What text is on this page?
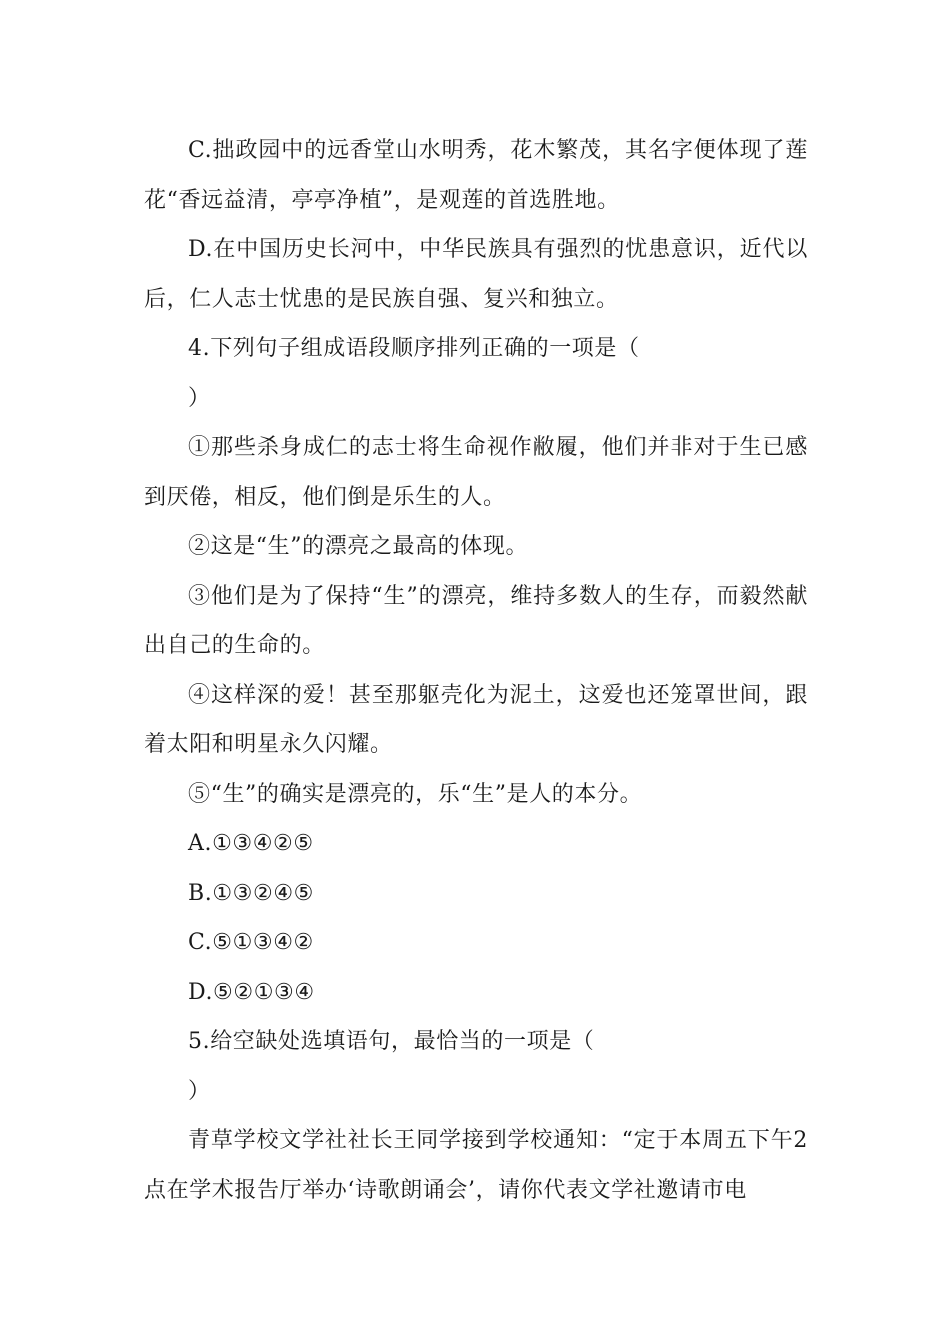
C.拙政园中的远香堂山水明秀，花木繁茂，其名字便体现了莲花“香远益清，亭亭净植”，是观莲的首选胜地。

D.在中国历史长河中，中华民族具有强烈的忧患意识，近代以后，仁人志士忧患的是民族自强、复兴和独立。

4.下列句子组成语段顺序排列正确的一项是（

）

①那些杀身成仁的志士将生命视作敝履，他们并非对于生已感到厌倦，相反，他们倒是乐生的人。

②这是“生”的漂亮之最高的体现。

③他们是为了保持“生”的漂亮，维持多数人的生存，而毅然献出自己的生命的。

④这样深的爱！甚至那躯壳化为泥土，这爱也还笼罩世间，跟着太阳和明星永久闪耀。

⑤“生”的确实是漂亮的，乐“生”是人的本分。

A.①③④②⑤

B.①③②④⑤

C.⑤①③④②

D.⑤②①③④

5.给空缺处选填语句，最恰当的一项是（

）

青草学校文学社社长王同学接到学校通知：“定于本周五下午2点在学术报告厅举办‘诗歌朗诵会’，请你代表文学社邀请市电
